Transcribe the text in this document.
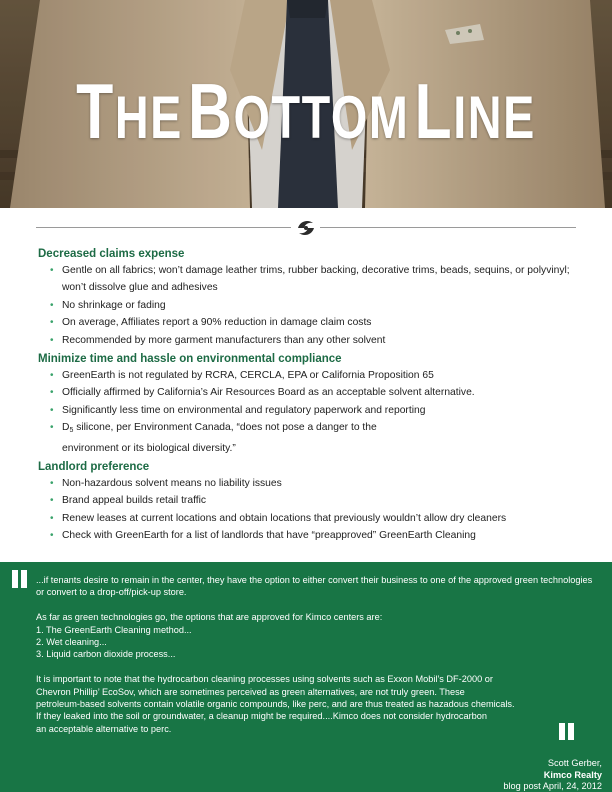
THE BOTTOM LINE
Decreased claims expense
• Gentle on all fabrics; won’t damage leather trims, rubber backing, decorative trims, beads, sequins, or polyvinyl; won’t dissolve glue and adhesives
• No shrinkage or fading
• On average, Affiliates report a 90% reduction in damage claim costs
• Recommended by more garment manufacturers than any other solvent
Minimize time and hassle on environmental compliance
• GreenEarth is not regulated by RCRA, CERCLA, EPA or California Proposition 65
• Officially affirmed by California’s Air Resources Board as an acceptable solvent alternative.
• Significantly less time on environmental and regulatory paperwork and reporting
• $D_5$ silicone, per Environment Canada, “does not pose a danger to the environment or its biological diversity.”
Landlord preference
• Non-hazardous solvent means no liability issues
• Brand appeal builds retail traffic
• Renew leases at current locations and obtain locations that previously wouldn’t allow dry cleaners
• Check with GreenEarth for a list of landlords that have “preapproved” GreenEarth Cleaning

...if tenants desire to remain in the center, they have the option to either convert their business to one of the approved green technologies or convert to a drop-off/pick-up store.

As far as green technologies go, the options that are approved for Kimco centers are:

1. The GreenEarth Cleaning method...
2. Wet cleaning...
3. Liquid carbon dioxide process...
It is important to note that the hydrocarbon cleaning processes using solvents such as Exxon Mobil’s DF-2000 or
Chevron Phillip’ EcoSov, which are sometimes perceived as green alternatives, are not truly green. These
petroleum-based solvents contain volatile organic compounds, like perc, and are thus treated as hazadous chemicals.
If they leaked into the soil or groundwater, a cleanup might be required....Kimco does not consider hydrocarbon
an acceptable alternative to perc.
Scott Gerber,
Kimco Realty
blog post April, 24, 2012
